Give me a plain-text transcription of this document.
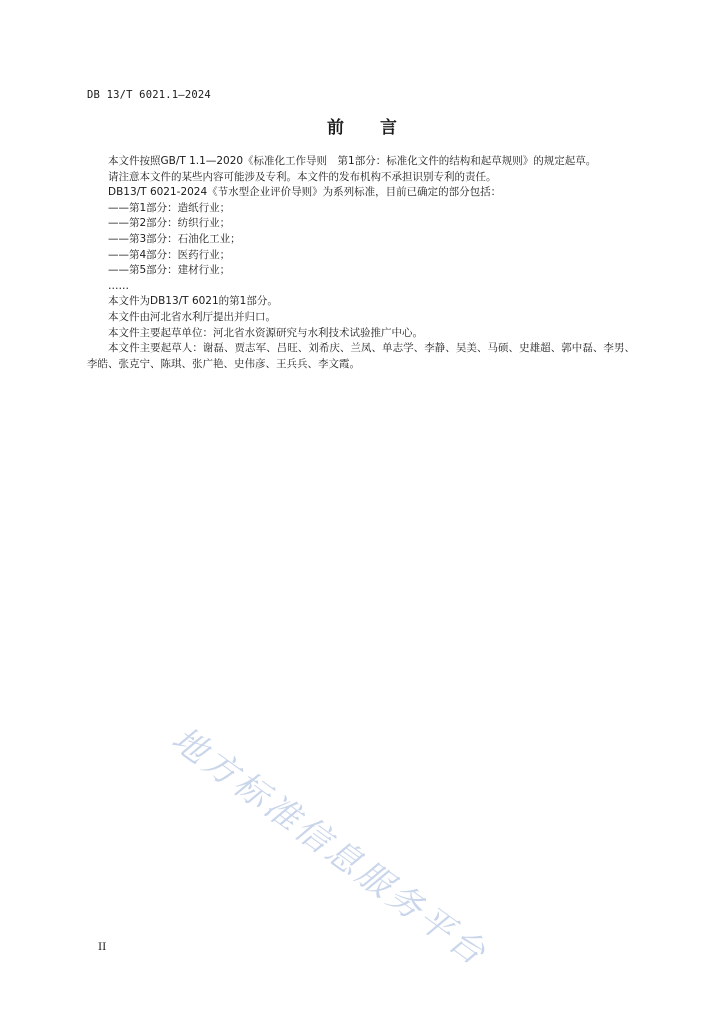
DB 13/T 6021.1—2024
前言

本文件按照GB/T 1.1—2020《标准化工作导则　第1部分：标准化文件的结构和起草规则》的规定起草。

请注意本文件的某些内容可能涉及专利。本文件的发布机构不承担识别专利的责任。

DB13/T 6021-2024《节水型企业评价导则》为系列标准，目前已确定的部分包括：

——第1部分：造纸行业；

——第2部分：纺织行业；

——第3部分：石油化工业；

——第4部分：医药行业；

——第5部分：建材行业；

……

本文件为DB13/T 6021的第1部分。

本文件由河北省水利厅提出并归口。

本文件主要起草单位：河北省水资源研究与水利技术试验推广中心。

本文件主要起草人：谢磊、贾志军、吕旺、刘希庆、兰凤、单志学、李静、吴美、马硕、史雄超、郭中磊、李男、李皓、张克宁、陈琪、张广艳、史伟彦、王兵兵、李文霞。

地方标准信息服务平台
II
